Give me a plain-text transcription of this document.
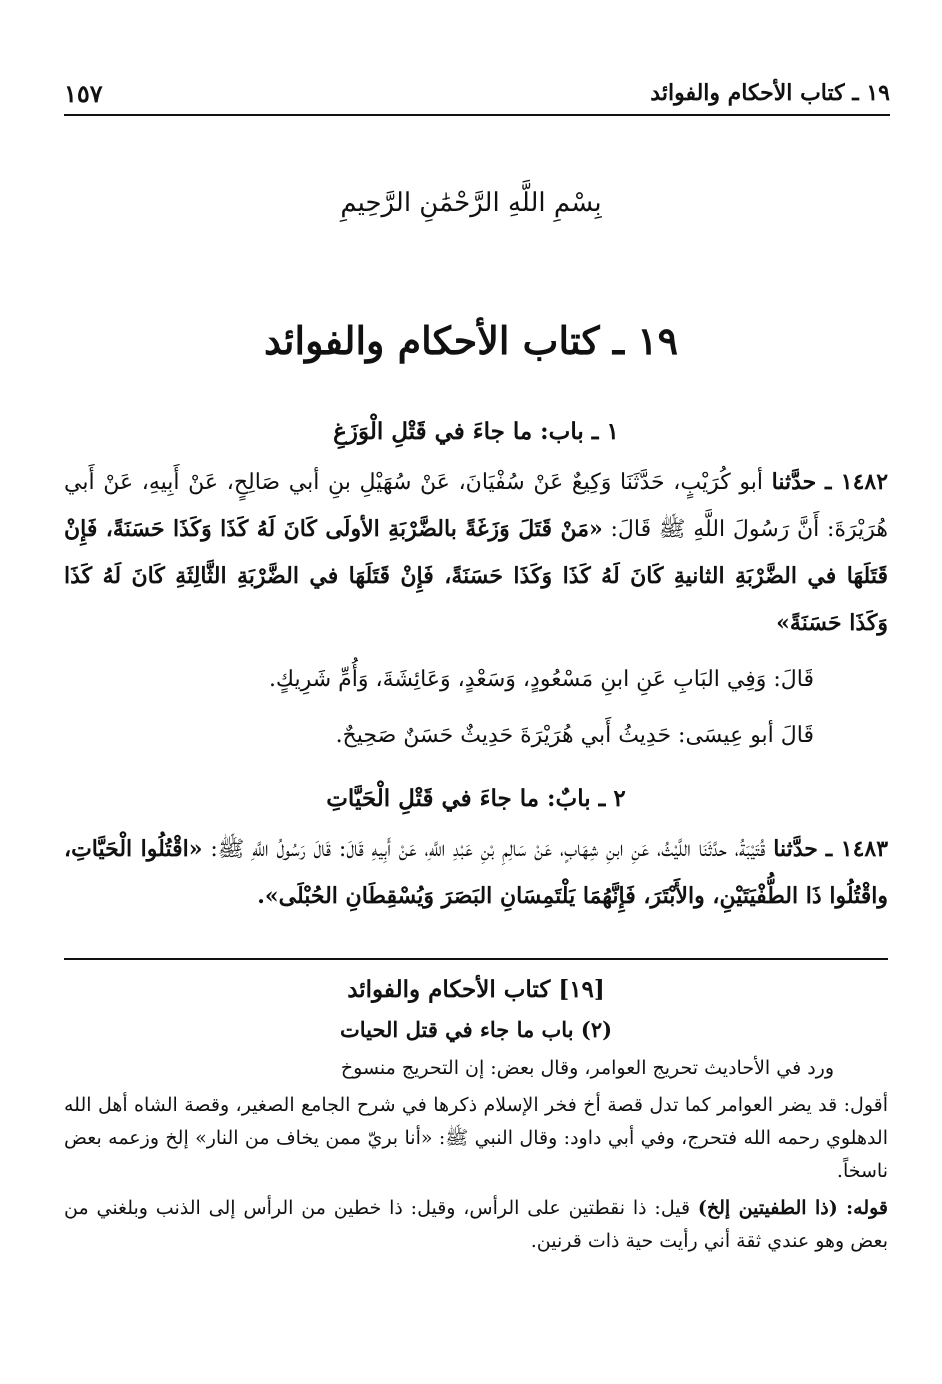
١٩ ـ كتاب الأحكام والفوائد
١٥٧
بِسْمِ اللَّهِ الرَّحْمَٰنِ الرَّحِيمِ
١٩ ـ كتاب الأحكام والفوائد
١ ـ باب: ما جاءَ في قَتْلِ الْوَزَغِ

١٤٨٢ ـ حدَّثنا أبو كُرَيْبٍ، حَدَّثَنَا وَكِيعٌ عَنْ سُفْيَانَ، عَنْ سُهَيْلِ بنِ أبي صَالِحٍ، عَنْ أَبِيهِ، عَنْ أَبي هُرَيْرَةَ: أَنَّ رَسُولَ اللَّهِ ﷺ قَالَ: «مَنْ قَتَلَ وَزَغَةً بالضَّرْبَةِ الأولَى كَانَ لَهُ كَذَا وَكَذَا حَسَنَةً، فَإِنْ قَتَلَهَا في الضَّرْبَةِ الثانيةِ كَانَ لَهُ كَذَا وَكَذَا حَسَنَةً، فَإِنْ قَتَلَهَا في الضَّرْبَةِ الثَّالِثَةِ كَانَ لَهُ كَذَا وَكَذَا حَسَنَةً»

قَالَ: وَفِي البَابِ عَنِ ابنِ مَسْعُودٍ، وَسَعْدٍ، وَعَائِشَةَ، وَأُمِّ شَرِيكٍ.

قَالَ أبو عِيسَى: حَدِيثُ أَبي هُرَيْرَةَ حَدِيثٌ حَسَنٌ صَحِيحٌ.

٢ ـ بابٌ: ما جاءَ في قَتْلِ الْحَيَّاتِ

١٤٨٣ ـ حدَّثنا قُتَيْبَةُ، حدَّثَنَا اللَّيْثُ، عَنِ ابنِ شِهَابٍ، عَنْ سَالِمِ بْنِ عَبْدِ اللَّهِ، عَنْ أَبِيهِ قَالَ: قَالَ رَسُولُ اللَّهِ ﷺ: «اقْتُلُوا الْحَيَّاتِ، واقْتُلُوا ذَا الطُّفْيَتَيْنِ، والأَبْتَرَ، فَإِنَّهُمَا يَلْتَمِسَانِ البَصَرَ وَيُسْقِطَانِ الحُبْلَى».

[١٩] كتاب الأحكام والفوائد

(٢) باب ما جاء في قتل الحيات

ورد في الأحاديث تحريج العوامر، وقال بعض: إن التحريج منسوخ

أقول: قد يضر العوامر كما تدل قصة أخ فخر الإسلام ذكرها في شرح الجامع الصغير، وقصة الشاه أهل الله الدهلوي رحمه الله فتحرج، وفي أبي داود: وقال النبي ﷺ: «أنا بريّ ممن يخاف من النار» إلخ وزعمه بعض ناسخاً.

قوله: (ذا الطفيتين إلخ) قيل: ذا نقطتين على الرأس، وقيل: ذا خطين من الرأس إلى الذنب وبلغني من بعض وهو عندي ثقة أني رأيت حية ذات قرنين.
